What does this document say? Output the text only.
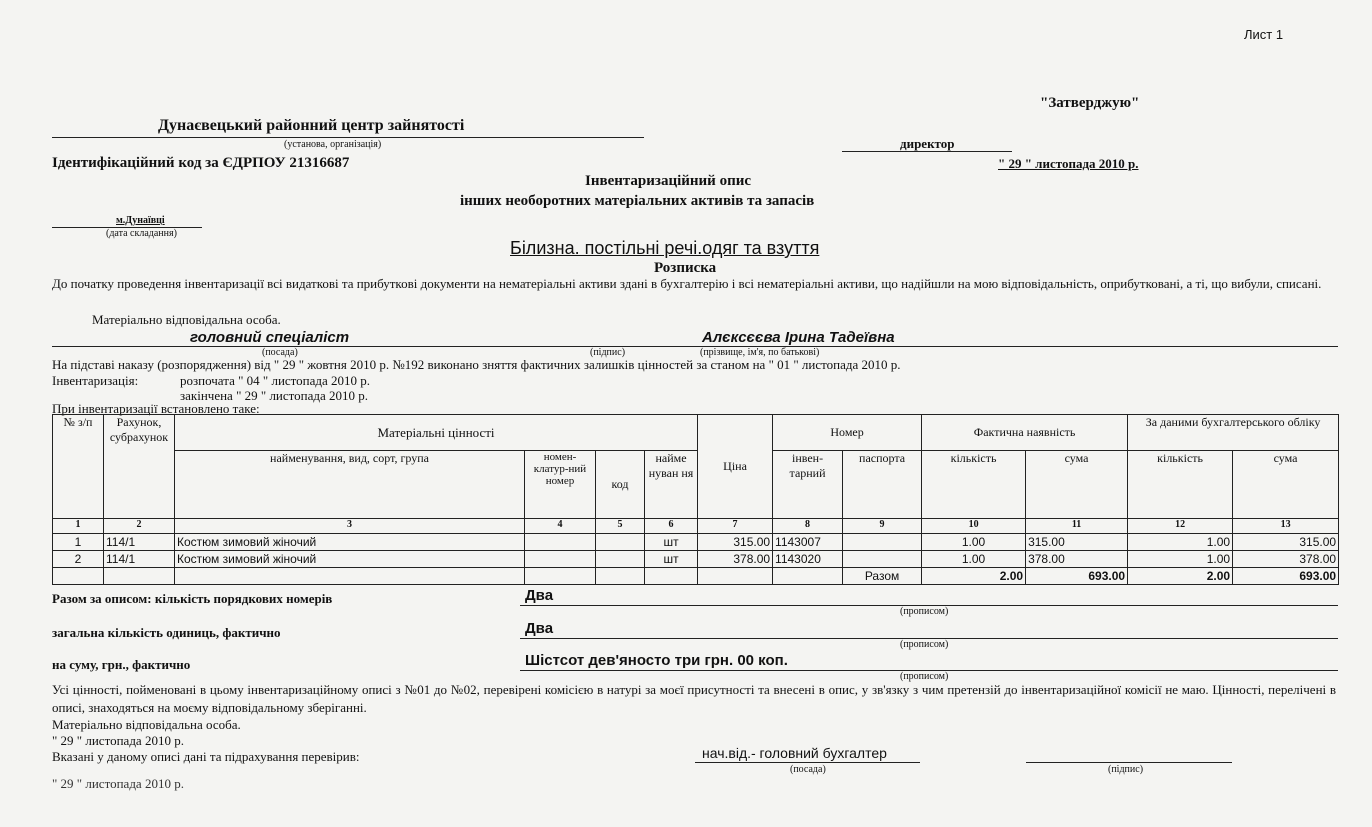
Лист 1
"Затверджую"
Дунаєвецький районний центр зайнятості
(установа, організація)	директор
Ідентифікаційний код за ЄДРПОУ 21316687	" 29 " листопада 2010 р.
Інвентаризаційний опис
інших необоротних матеріальних активів та запасів
м.Дунаївці
(дата складання)
Білизна. постільні речі.одяг та взуття
Розписка
До початку проведення інвентаризації всі видаткові та прибуткові документи на нематеріальні активи здані в бухгалтерію і всі нематеріальні активи, що надійшли на мою відповідальність, оприбутковані, а ті, що вибули, списані.
Матеріально відповідальна особа.
головний спеціаліст	Алєксєєва Ірина Тадеївна
(посада)	(підпис)	(прізвище, ім'я, по батькові)
На підставі наказу (розпорядження) від " 29 " жовтня 2010 р. №192 виконано зняття фактичних залишків цінностей за станом на " 01 " листопада 2010 р.
Інвентаризація:	розпочата " 04 " листопада 2010 р.
закінчена " 29 " листопада 2010 р.
При інвентаризації встановлено таке:
№ з/п	Рахунок, субрахунок	Матеріальні цінності				Ціна	Номер		Фактична наявність		За даними бухгалтерського обліку	
		найменування, вид, сорт, група	номен-клатур-ний номер	код	найме нуван ня		інвен-тарний	паспорта	кількість	сума	кількість	сума
1	2	3	4	5	6	7	8	9	10	11	12	13
1	114/1	Костюм зимовий жіночий			шт	315.00	1143007		1.00	315.00	1.00	315.00
2	114/1	Костюм зимовий жіночий			шт	378.00	1143020		1.00	378.00	1.00	378.00
								Разом	2.00	693.00	2.00	693.00
Разом за описом: кількість порядкових номерів	Два
(прописом)
загальна кількість одиниць, фактично	Два
(прописом)
на суму, грн., фактично	Шістсот дев'яносто три грн. 00 коп.
(прописом)
Усі цінності, пойменовані в цьому інвентаризаційному описі з №01 до №02, перевірені комісією в натурі за моєї присутності та внесені в опис, у зв'язку з чим претензій до інвентаризаційної комісії не маю. Цінності, перелічені в описі, знаходяться на моєму відповідальному зберіганні.
Матеріально відповідальна особа.
" 29 " листопада 2010 р.
Вказані у даному описі дані та підрахування перевірив:	нач.від.- головний бухгалтер
(посада)	(підпис)
" 29 " листопада 2010 р.
